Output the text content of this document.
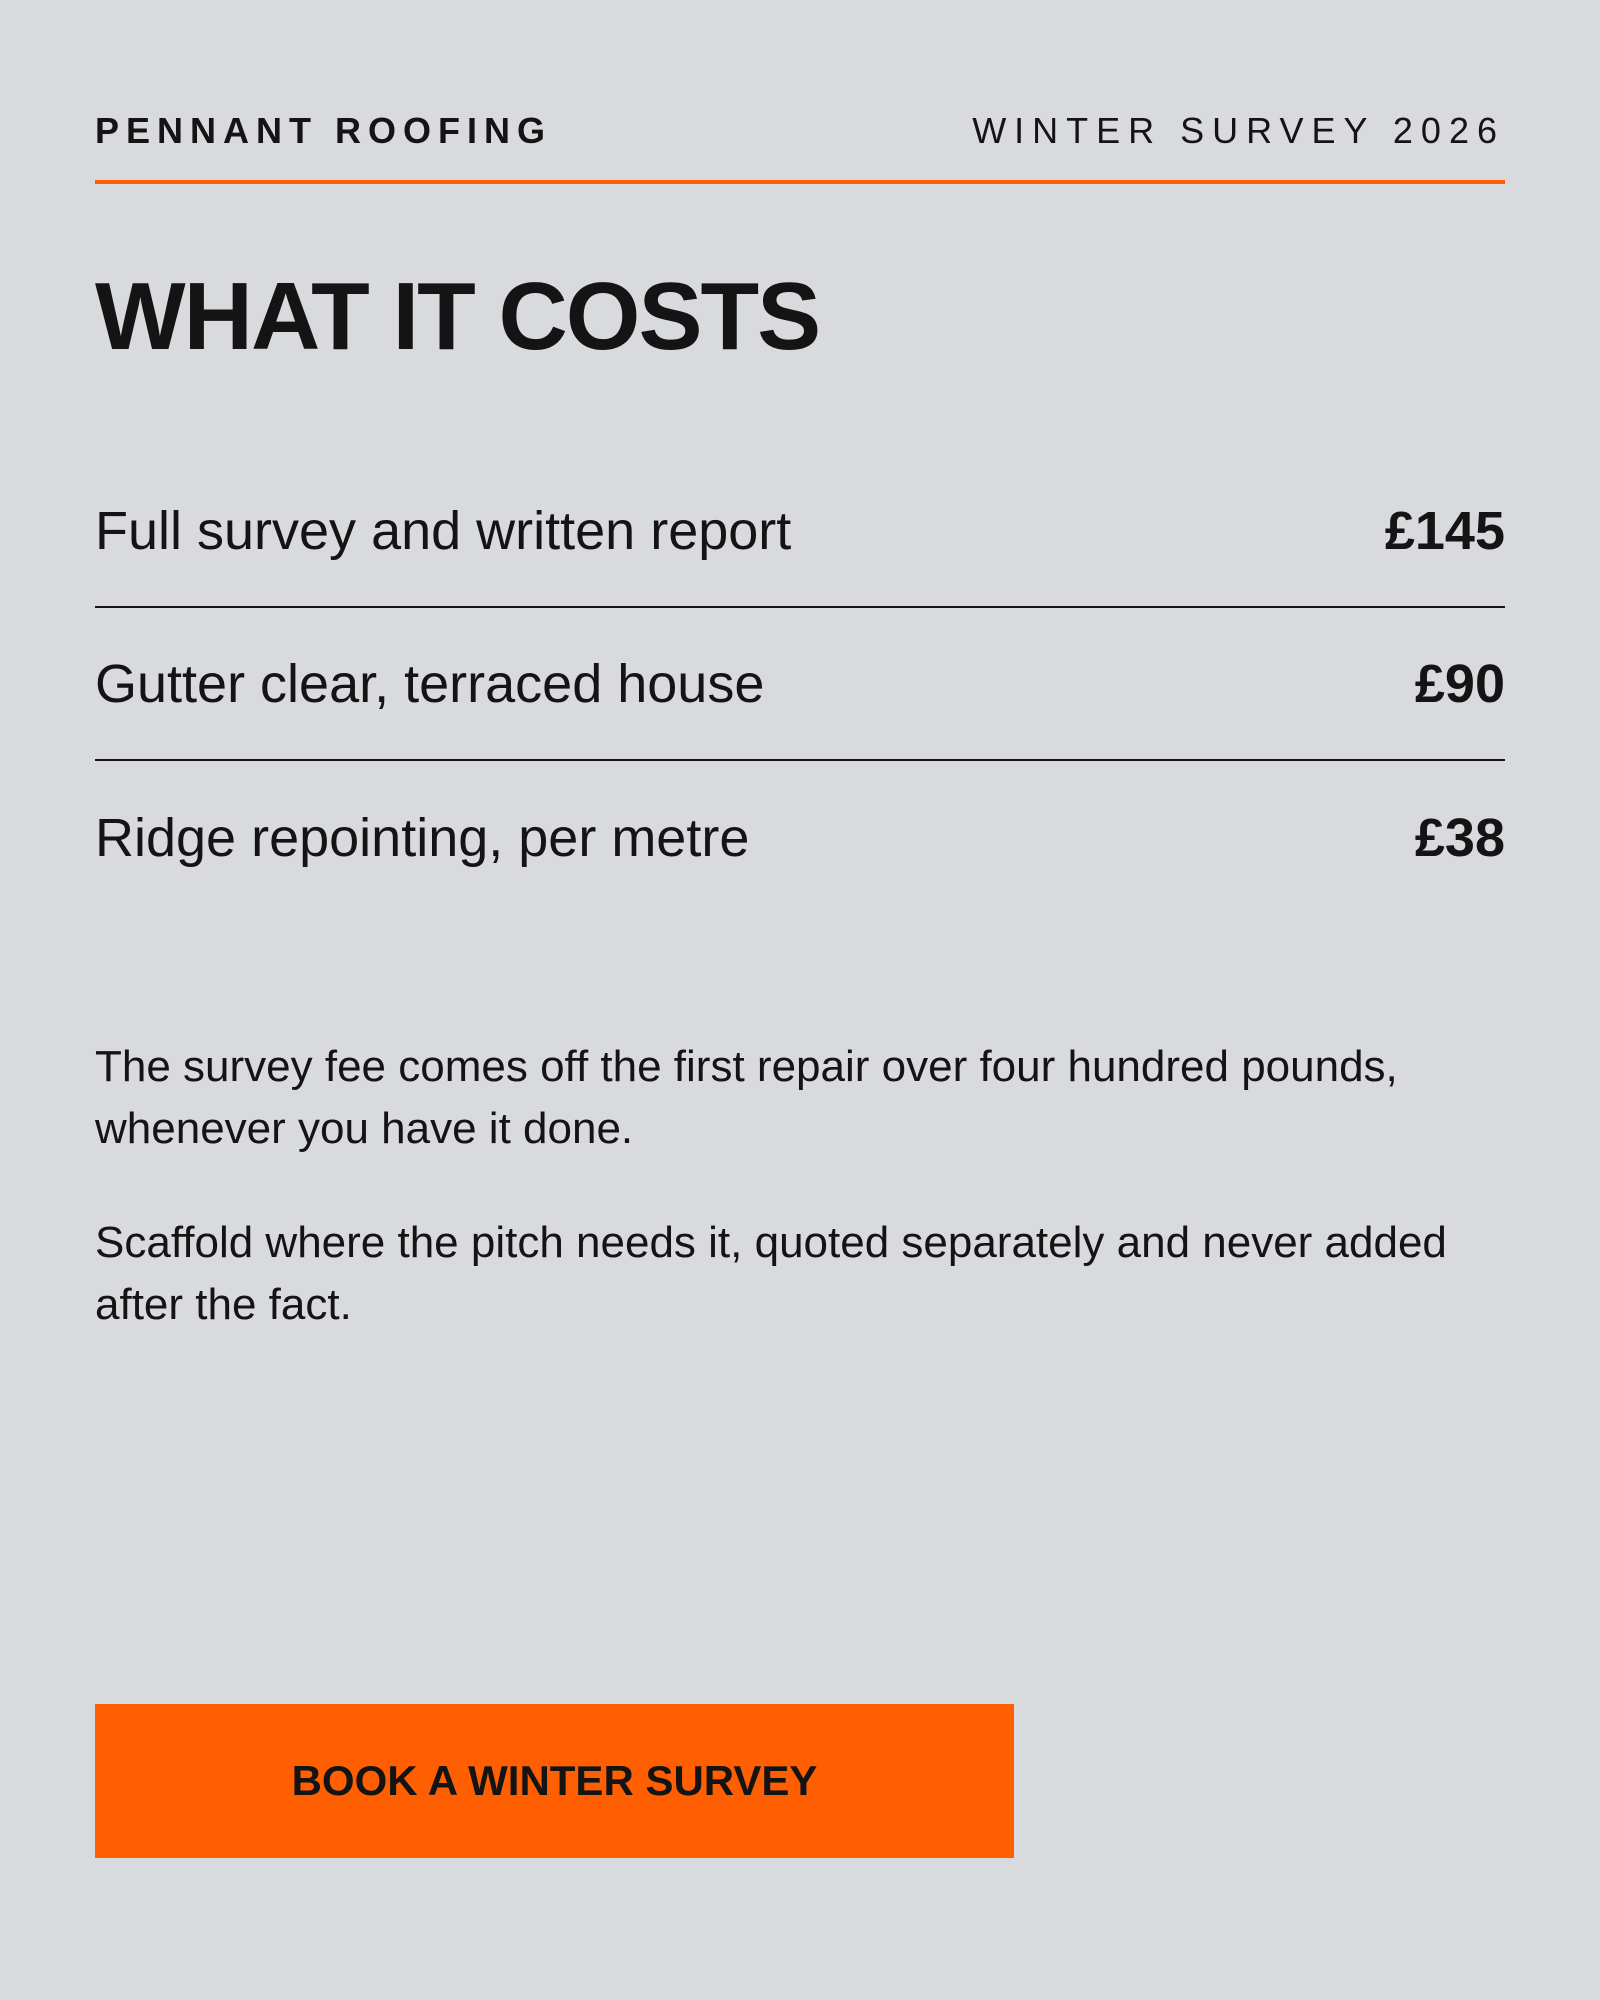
PENNANT ROOFING	WINTER SURVEY 2026
WHAT IT COSTS
Full survey and written report	£145
Gutter clear, terraced house	£90
Ridge repointing, per metre	£38

The survey fee comes off the first repair over four hundred pounds, whenever you have it done.

Scaffold where the pitch needs it, quoted separately and never added after the fact.

BOOK A WINTER SURVEY
